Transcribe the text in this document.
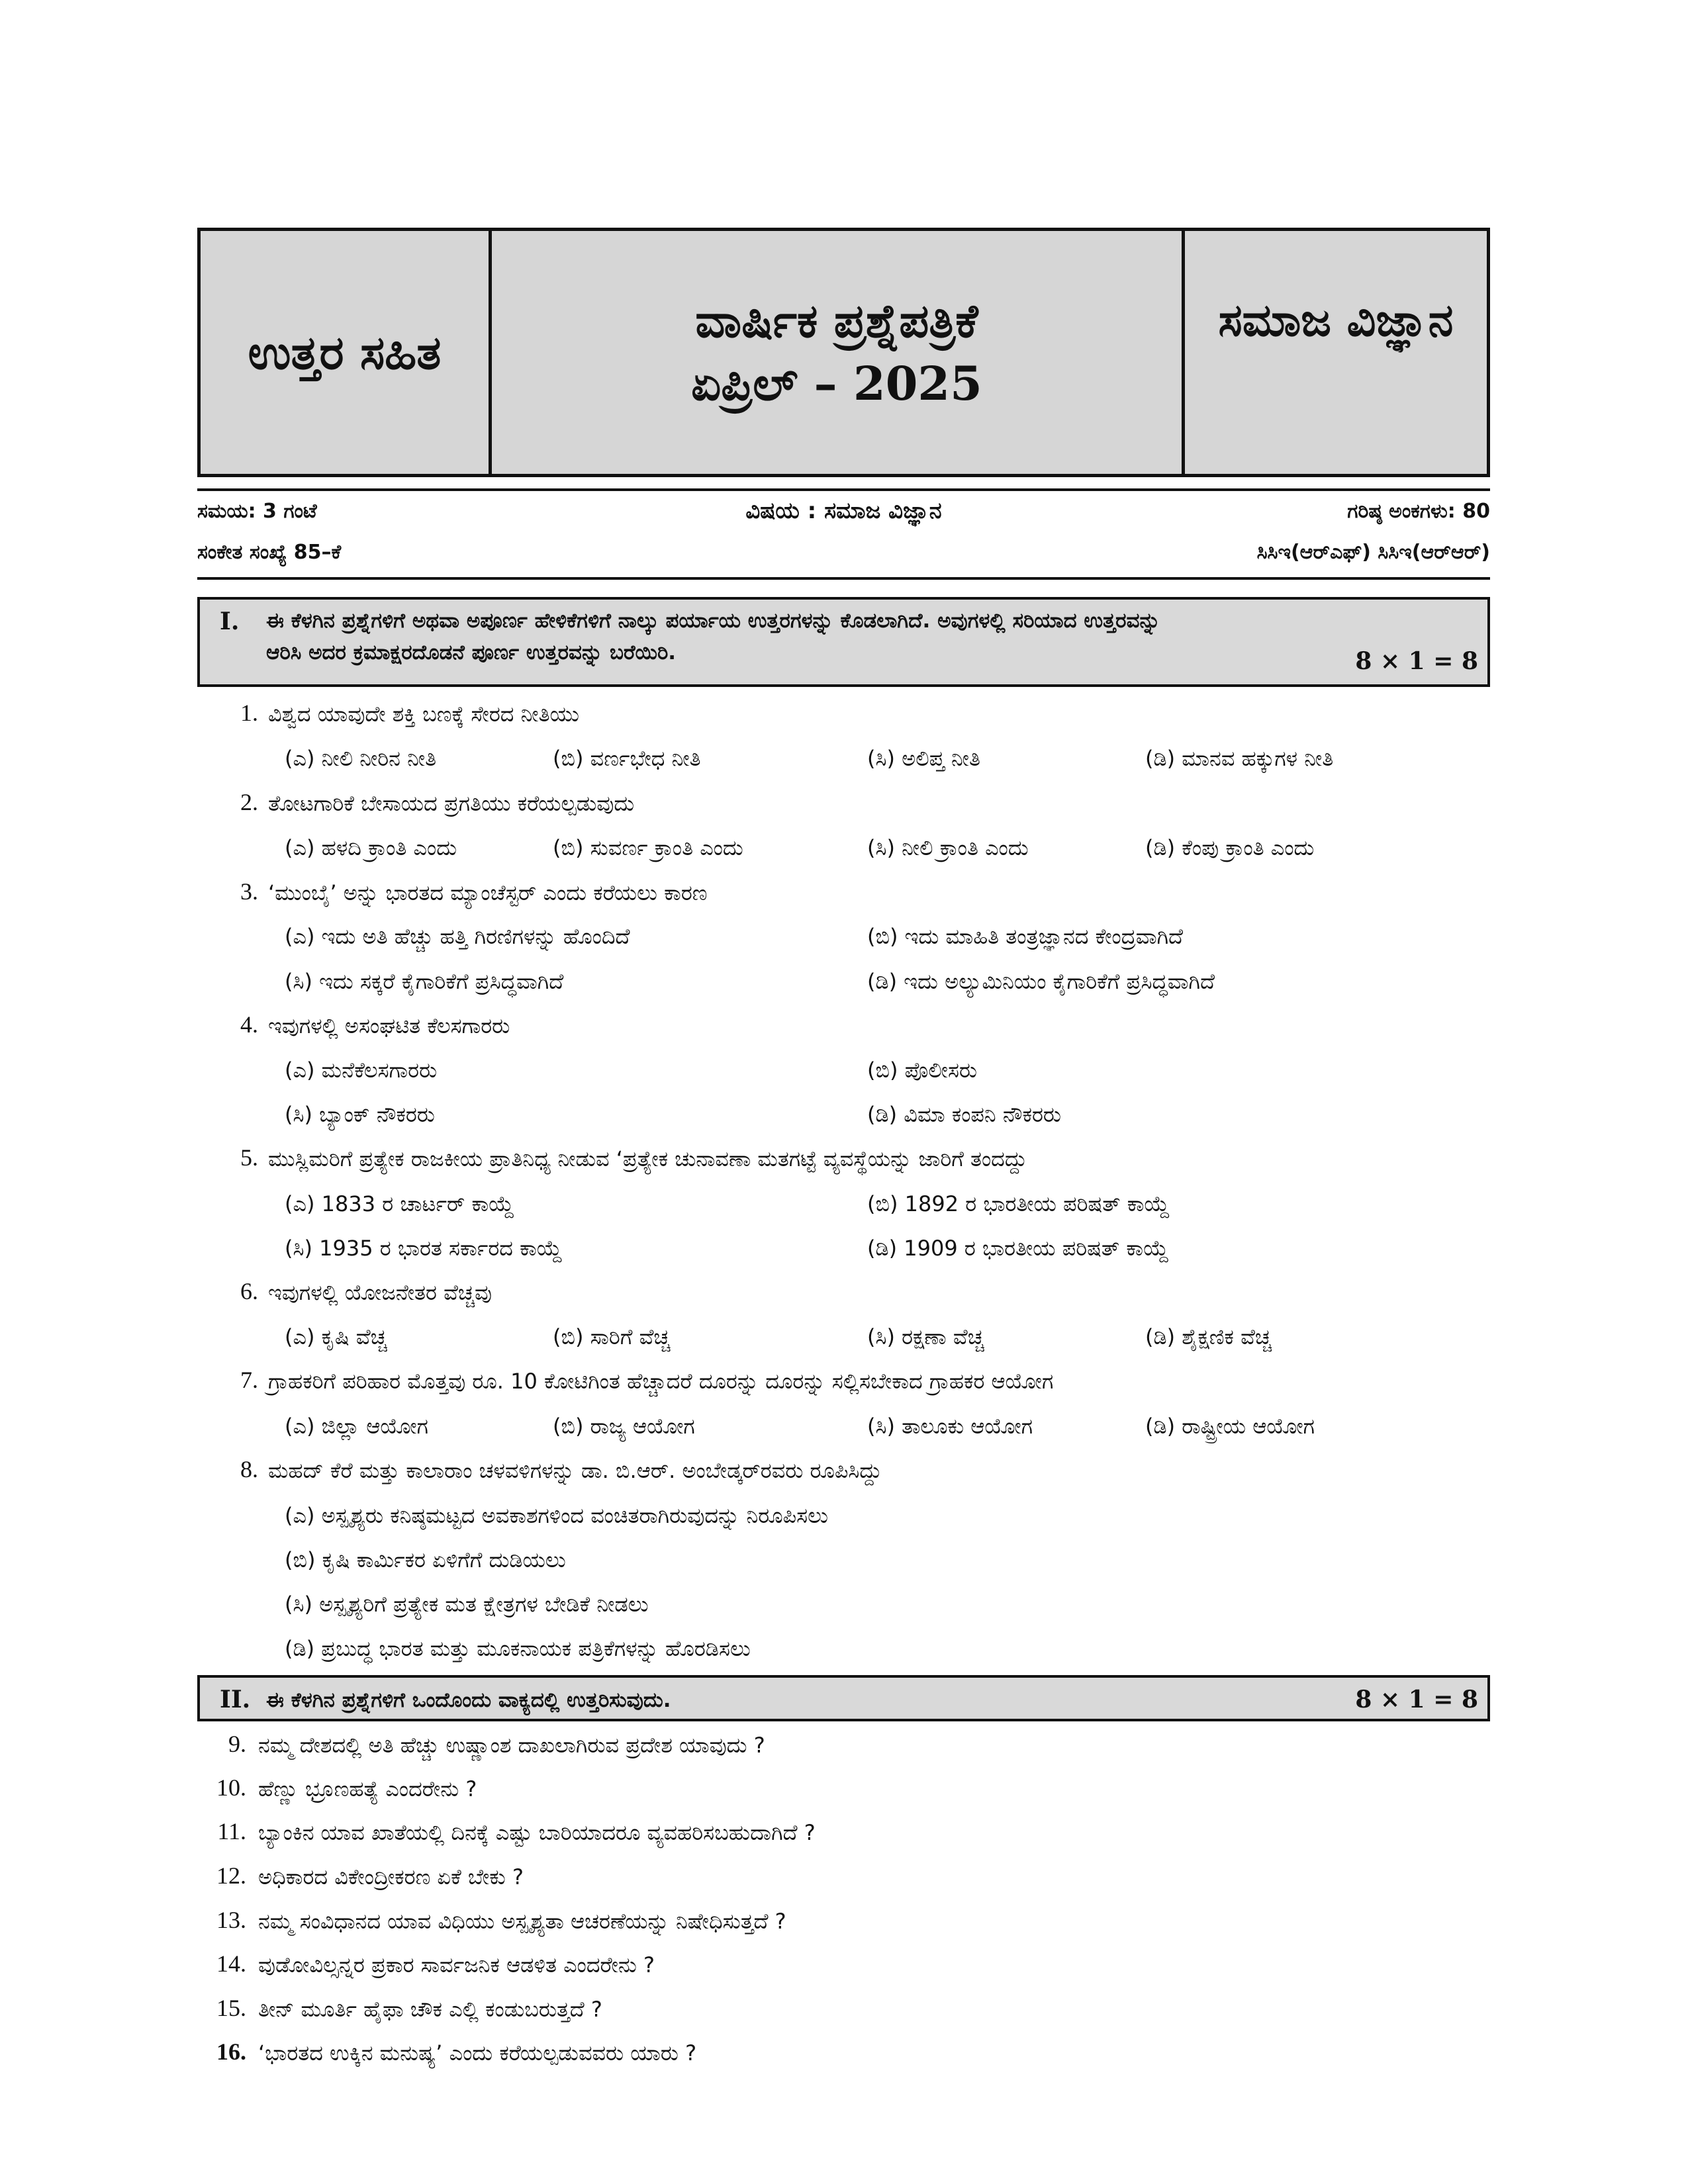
ಉತ್ತರ ಸಹಿತ
ವಾರ್ಷಿಕ ಪ್ರಶ್ನೆಪತ್ರಿಕೆ
ಏಪ್ರಿಲ್ – 2025
ಸಮಾಜ ವಿಜ್ಞಾನ
ಸಮಯ: 3 ಗಂಟೆ	ವಿಷಯ : ಸಮಾಜ ವಿಜ್ಞಾನ	ಗರಿಷ್ಠ ಅಂಕಗಳು: 80
ಸಂಕೇತ ಸಂಖ್ಯೆ 85–ಕೆ	ಸಿಸಿಇ(ಆರ್‌ಎಫ್) ಸಿಸಿಇ(ಆರ್‌ಆರ್)
I. ಈ ಕೆಳಗಿನ ಪ್ರಶ್ನೆಗಳಿಗೆ ಅಥವಾ ಅಪೂರ್ಣ ಹೇಳಿಕೆಗಳಿಗೆ ನಾಲ್ಕು ಪರ್ಯಾಯ ಉತ್ತರಗಳನ್ನು ಕೊಡಲಾಗಿದೆ. ಅವುಗಳಲ್ಲಿ ಸರಿಯಾದ ಉತ್ತರವನ್ನು
ಆರಿಸಿ ಅದರ ಕ್ರಮಾಕ್ಷರದೊಡನೆ ಪೂರ್ಣ ಉತ್ತರವನ್ನು ಬರೆಯಿರಿ.	8 × 1 = 8
1. ವಿಶ್ವದ ಯಾವುದೇ ಶಕ್ತಿ ಬಣಕ್ಕೆ ಸೇರದ ನೀತಿಯು
(ಎ) ನೀಲಿ ನೀರಿನ ನೀತಿ	(ಬಿ) ವರ್ಣಭೇಧ ನೀತಿ	(ಸಿ) ಅಲಿಪ್ತ ನೀತಿ	(ಡಿ) ಮಾನವ ಹಕ್ಕುಗಳ ನೀತಿ
2. ತೋಟಗಾರಿಕೆ ಬೇಸಾಯದ ಪ್ರಗತಿಯು ಕರೆಯಲ್ಪಡುವುದು
(ಎ) ಹಳದಿ ಕ್ರಾಂತಿ ಎಂದು	(ಬಿ) ಸುವರ್ಣ ಕ್ರಾಂತಿ ಎಂದು	(ಸಿ) ನೀಲಿ ಕ್ರಾಂತಿ ಎಂದು	(ಡಿ) ಕೆಂಪು ಕ್ರಾಂತಿ ಎಂದು
3. ‘ಮುಂಬೈ’ ಅನ್ನು ಭಾರತದ ಮ್ಯಾಂಚೆಸ್ಟರ್ ಎಂದು ಕರೆಯಲು ಕಾರಣ
(ಎ) ಇದು ಅತಿ ಹೆಚ್ಚು ಹತ್ತಿ ಗಿರಣಿಗಳನ್ನು ಹೊಂದಿದೆ	(ಬಿ) ಇದು ಮಾಹಿತಿ ತಂತ್ರಜ್ಞಾನದ ಕೇಂದ್ರವಾಗಿದೆ
(ಸಿ) ಇದು ಸಕ್ಕರೆ ಕೈಗಾರಿಕೆಗೆ ಪ್ರಸಿದ್ಧವಾಗಿದೆ	(ಡಿ) ಇದು ಅಲ್ಯುಮಿನಿಯಂ ಕೈಗಾರಿಕೆಗೆ ಪ್ರಸಿದ್ಧವಾಗಿದೆ
4. ಇವುಗಳಲ್ಲಿ ಅಸಂಘಟಿತ ಕೆಲಸಗಾರರು
(ಎ) ಮನೆಕೆಲಸಗಾರರು	(ಬಿ) ಪೊಲೀಸರು
(ಸಿ) ಬ್ಯಾಂಕ್ ನೌಕರರು	(ಡಿ) ವಿಮಾ ಕಂಪನಿ ನೌಕರರು
5. ಮುಸ್ಲಿಮರಿಗೆ ಪ್ರತ್ಯೇಕ ರಾಜಕೀಯ ಪ್ರಾತಿನಿಧ್ಯ ನೀಡುವ ‘ಪ್ರತ್ಯೇಕ ಚುನಾವಣಾ ಮತಗಟ್ಟೆ ವ್ಯವಸ್ಥೆಯನ್ನು ಜಾರಿಗೆ ತಂದದ್ದು
(ಎ) 1833 ರ ಚಾರ್ಟರ್ ಕಾಯ್ದೆ	(ಬಿ) 1892 ರ ಭಾರತೀಯ ಪರಿಷತ್ ಕಾಯ್ದೆ
(ಸಿ) 1935 ರ ಭಾರತ ಸರ್ಕಾರದ ಕಾಯ್ದೆ	(ಡಿ) 1909 ರ ಭಾರತೀಯ ಪರಿಷತ್ ಕಾಯ್ದೆ
6. ಇವುಗಳಲ್ಲಿ ಯೋಜನೇತರ ವೆಚ್ಚವು
(ಎ) ಕೃಷಿ ವೆಚ್ಚ	(ಬಿ) ಸಾರಿಗೆ ವೆಚ್ಚ	(ಸಿ) ರಕ್ಷಣಾ ವೆಚ್ಚ	(ಡಿ) ಶೈಕ್ಷಣಿಕ ವೆಚ್ಚ
7. ಗ್ರಾಹಕರಿಗೆ ಪರಿಹಾರ ಮೊತ್ತವು ರೂ. 10 ಕೋಟಿಗಿಂತ ಹೆಚ್ಚಾದರೆ ದೂರನ್ನು ದೂರನ್ನು ಸಲ್ಲಿಸಬೇಕಾದ ಗ್ರಾಹಕರ ಆಯೋಗ
(ಎ) ಜಿಲ್ಲಾ ಆಯೋಗ	(ಬಿ) ರಾಜ್ಯ ಆಯೋಗ	(ಸಿ) ತಾಲೂಕು ಆಯೋಗ	(ಡಿ) ರಾಷ್ಟ್ರೀಯ ಆಯೋಗ
8. ಮಹದ್ ಕೆರೆ ಮತ್ತು ಕಾಲಾರಾಂ ಚಳವಳಿಗಳನ್ನು ಡಾ. ಬಿ.ಆರ್. ಅಂಬೇಡ್ಕರ್‌ರವರು ರೂಪಿಸಿದ್ದು
(ಎ) ಅಸ್ಪೃಶ್ಯರು ಕನಿಷ್ಠಮಟ್ಟದ ಅವಕಾಶಗಳಿಂದ ವಂಚಿತರಾಗಿರುವುದನ್ನು ನಿರೂಪಿಸಲು
(ಬಿ) ಕೃಷಿ ಕಾರ್ಮಿಕರ ಏಳಿಗೆಗೆ ದುಡಿಯಲು
(ಸಿ) ಅಸ್ಪೃಶ್ಯರಿಗೆ ಪ್ರತ್ಯೇಕ ಮತ ಕ್ಷೇತ್ರಗಳ ಬೇಡಿಕೆ ನೀಡಲು
(ಡಿ) ಪ್ರಬುದ್ಧ ಭಾರತ ಮತ್ತು ಮೂಕನಾಯಕ ಪತ್ರಿಕೆಗಳನ್ನು ಹೊರಡಿಸಲು
II. ಈ ಕೆಳಗಿನ ಪ್ರಶ್ನೆಗಳಿಗೆ ಒಂದೊಂದು ವಾಕ್ಯದಲ್ಲಿ ಉತ್ತರಿಸುವುದು.	8 × 1 = 8
9. ನಮ್ಮ ದೇಶದಲ್ಲಿ ಅತಿ ಹೆಚ್ಚು ಉಷ್ಣಾಂಶ ದಾಖಲಾಗಿರುವ ಪ್ರದೇಶ ಯಾವುದು ?
10. ಹೆಣ್ಣು ಭ್ರೂಣಹತ್ಯೆ ಎಂದರೇನು ?
11. ಬ್ಯಾಂಕಿನ ಯಾವ ಖಾತೆಯಲ್ಲಿ ದಿನಕ್ಕೆ ಎಷ್ಟು ಬಾರಿಯಾದರೂ ವ್ಯವಹರಿಸಬಹುದಾಗಿದೆ ?
12. ಅಧಿಕಾರದ ವಿಕೇಂದ್ರೀಕರಣ ಏಕೆ ಬೇಕು ?
13. ನಮ್ಮ ಸಂವಿಧಾನದ ಯಾವ ವಿಧಿಯು ಅಸ್ಪೃಶ್ಯತಾ ಆಚರಣೆಯನ್ನು ನಿಷೇಧಿಸುತ್ತದೆ ?
14. ವುಡೋವಿಲ್ಸನ್ನರ ಪ್ರಕಾರ ಸಾರ್ವಜನಿಕ ಆಡಳಿತ ಎಂದರೇನು ?
15. ತೀನ್ ಮೂರ್ತಿ ಹೈಫಾ ಚೌಕ ಎಲ್ಲಿ ಕಂಡುಬರುತ್ತದೆ ?
16. ‘ಭಾರತದ ಉಕ್ಕಿನ ಮನುಷ್ಯ’ ಎಂದು ಕರೆಯಲ್ಪಡುವವರು ಯಾರು ?
